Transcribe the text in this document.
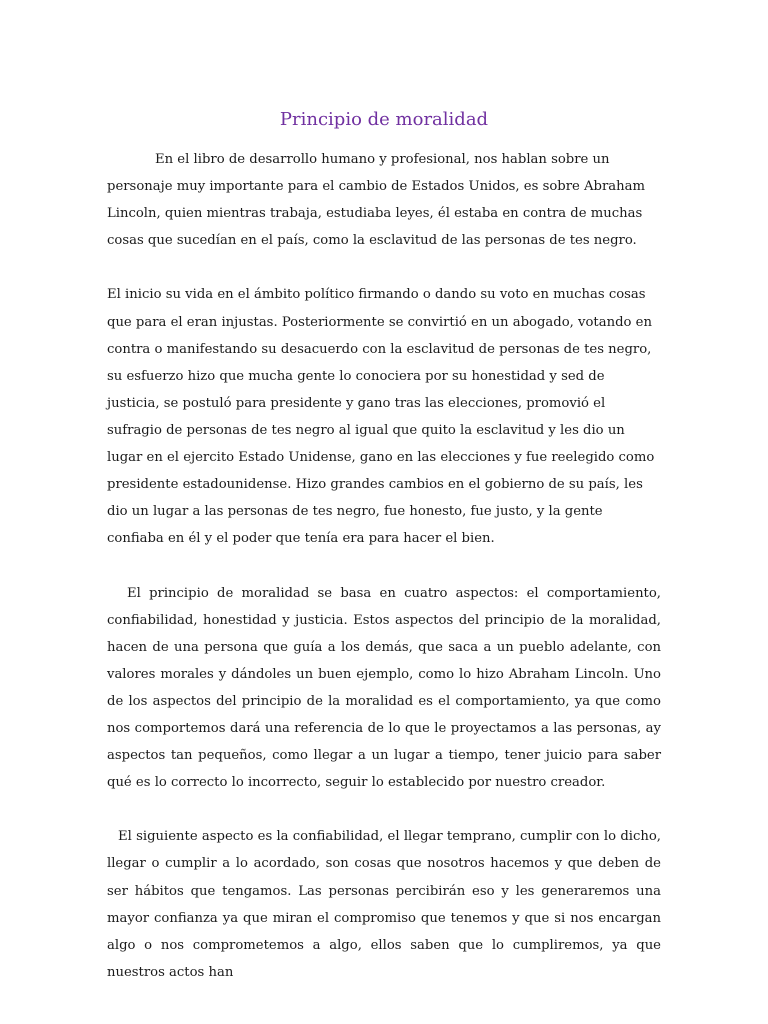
Principio de moralidad

En el libro de desarrollo humano y profesional, nos hablan sobre un personaje muy importante para el cambio de Estados Unidos, es sobre Abraham Lincoln, quien mientras trabaja, estudiaba leyes, él estaba en contra de muchas cosas que sucedían en el país, como la esclavitud de las personas de tes negro.

El inicio su vida en el ámbito político firmando o dando su voto en muchas cosas que para el eran injustas. Posteriormente se convirtió en un abogado, votando en contra o manifestando su desacuerdo con la esclavitud de personas de tes negro, su esfuerzo hizo que mucha gente lo conociera por su honestidad y sed de justicia, se postuló para presidente y gano tras las elecciones, promovió el sufragio de personas de tes negro al igual que quito la esclavitud y les dio un lugar en el ejercito Estado Unidense, gano en las elecciones y fue reelegido como presidente estadounidense. Hizo grandes cambios en el gobierno de su país, les dio un lugar a las personas de tes negro, fue honesto, fue justo, y la gente confiaba en él y el poder que tenía era para hacer el bien.

El principio de moralidad se basa en cuatro aspectos: el comportamiento, confiabilidad, honestidad y justicia. Estos aspectos del principio de la moralidad, hacen de una persona que guía a los demás, que saca a un pueblo adelante, con valores morales y dándoles un buen ejemplo, como lo hizo Abraham Lincoln. Uno de los aspectos del principio de la moralidad es el comportamiento, ya que como nos comportemos dará una referencia de lo que le proyectamos a las personas, ay aspectos tan pequeños, como llegar a un lugar a tiempo, tener juicio para saber qué es lo correcto lo incorrecto, seguir lo establecido por nuestro creador.

El siguiente aspecto es la confiabilidad, el llegar temprano, cumplir con lo dicho, llegar o cumplir a lo acordado, son cosas que nosotros hacemos y que deben de ser hábitos que tengamos. Las personas percibirán eso y les generaremos una mayor confianza ya que miran el compromiso que tenemos y que si nos encargan algo o nos comprometemos a algo, ellos saben que lo cumpliremos, ya que nuestros actos han
